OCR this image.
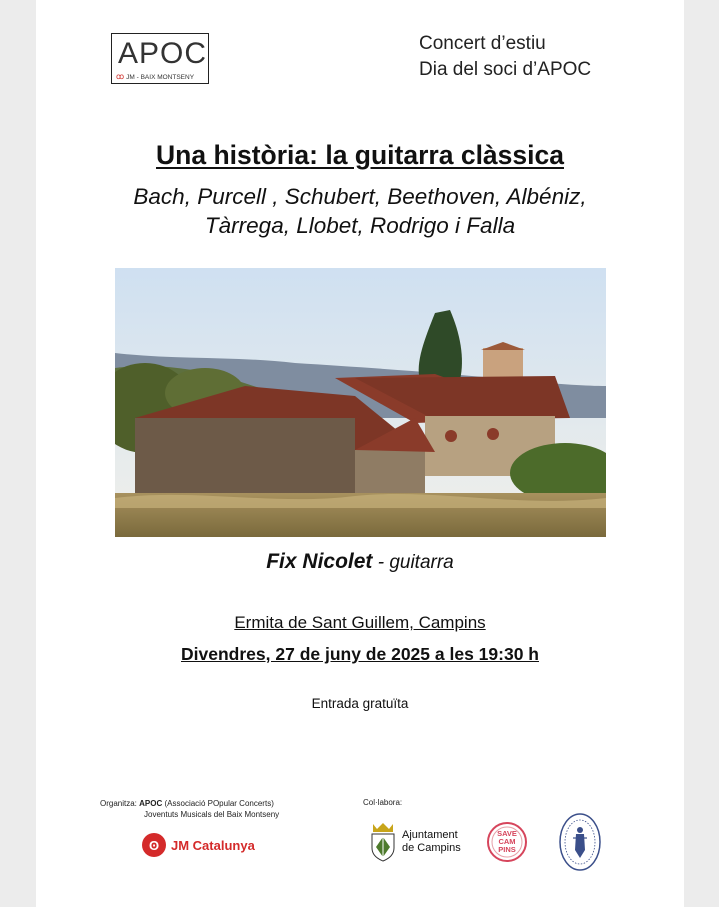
APOC
ꝏ JM - BAIX MONTSENY
Concert d’estiu
Dia del soci d’APOC
Una història: la guitarra clàssica
Bach, Purcell , Schubert, Beethoven, Albéniz,
Tàrrega, Llobet, Rodrigo i Falla
Fix Nicolet - guitarra
Ermita de Sant Guillem, Campins
Divendres, 27 de juny de 2025 a les 19:30 h
Entrada gratuïta
Organitza: APOC (Associació POpular Concerts)
Joventuts Musicals del Baix Montseny
ʘ JM Catalunya
Col·labora:
Ajuntament
de Campins
SAVE
CAM
PINS
